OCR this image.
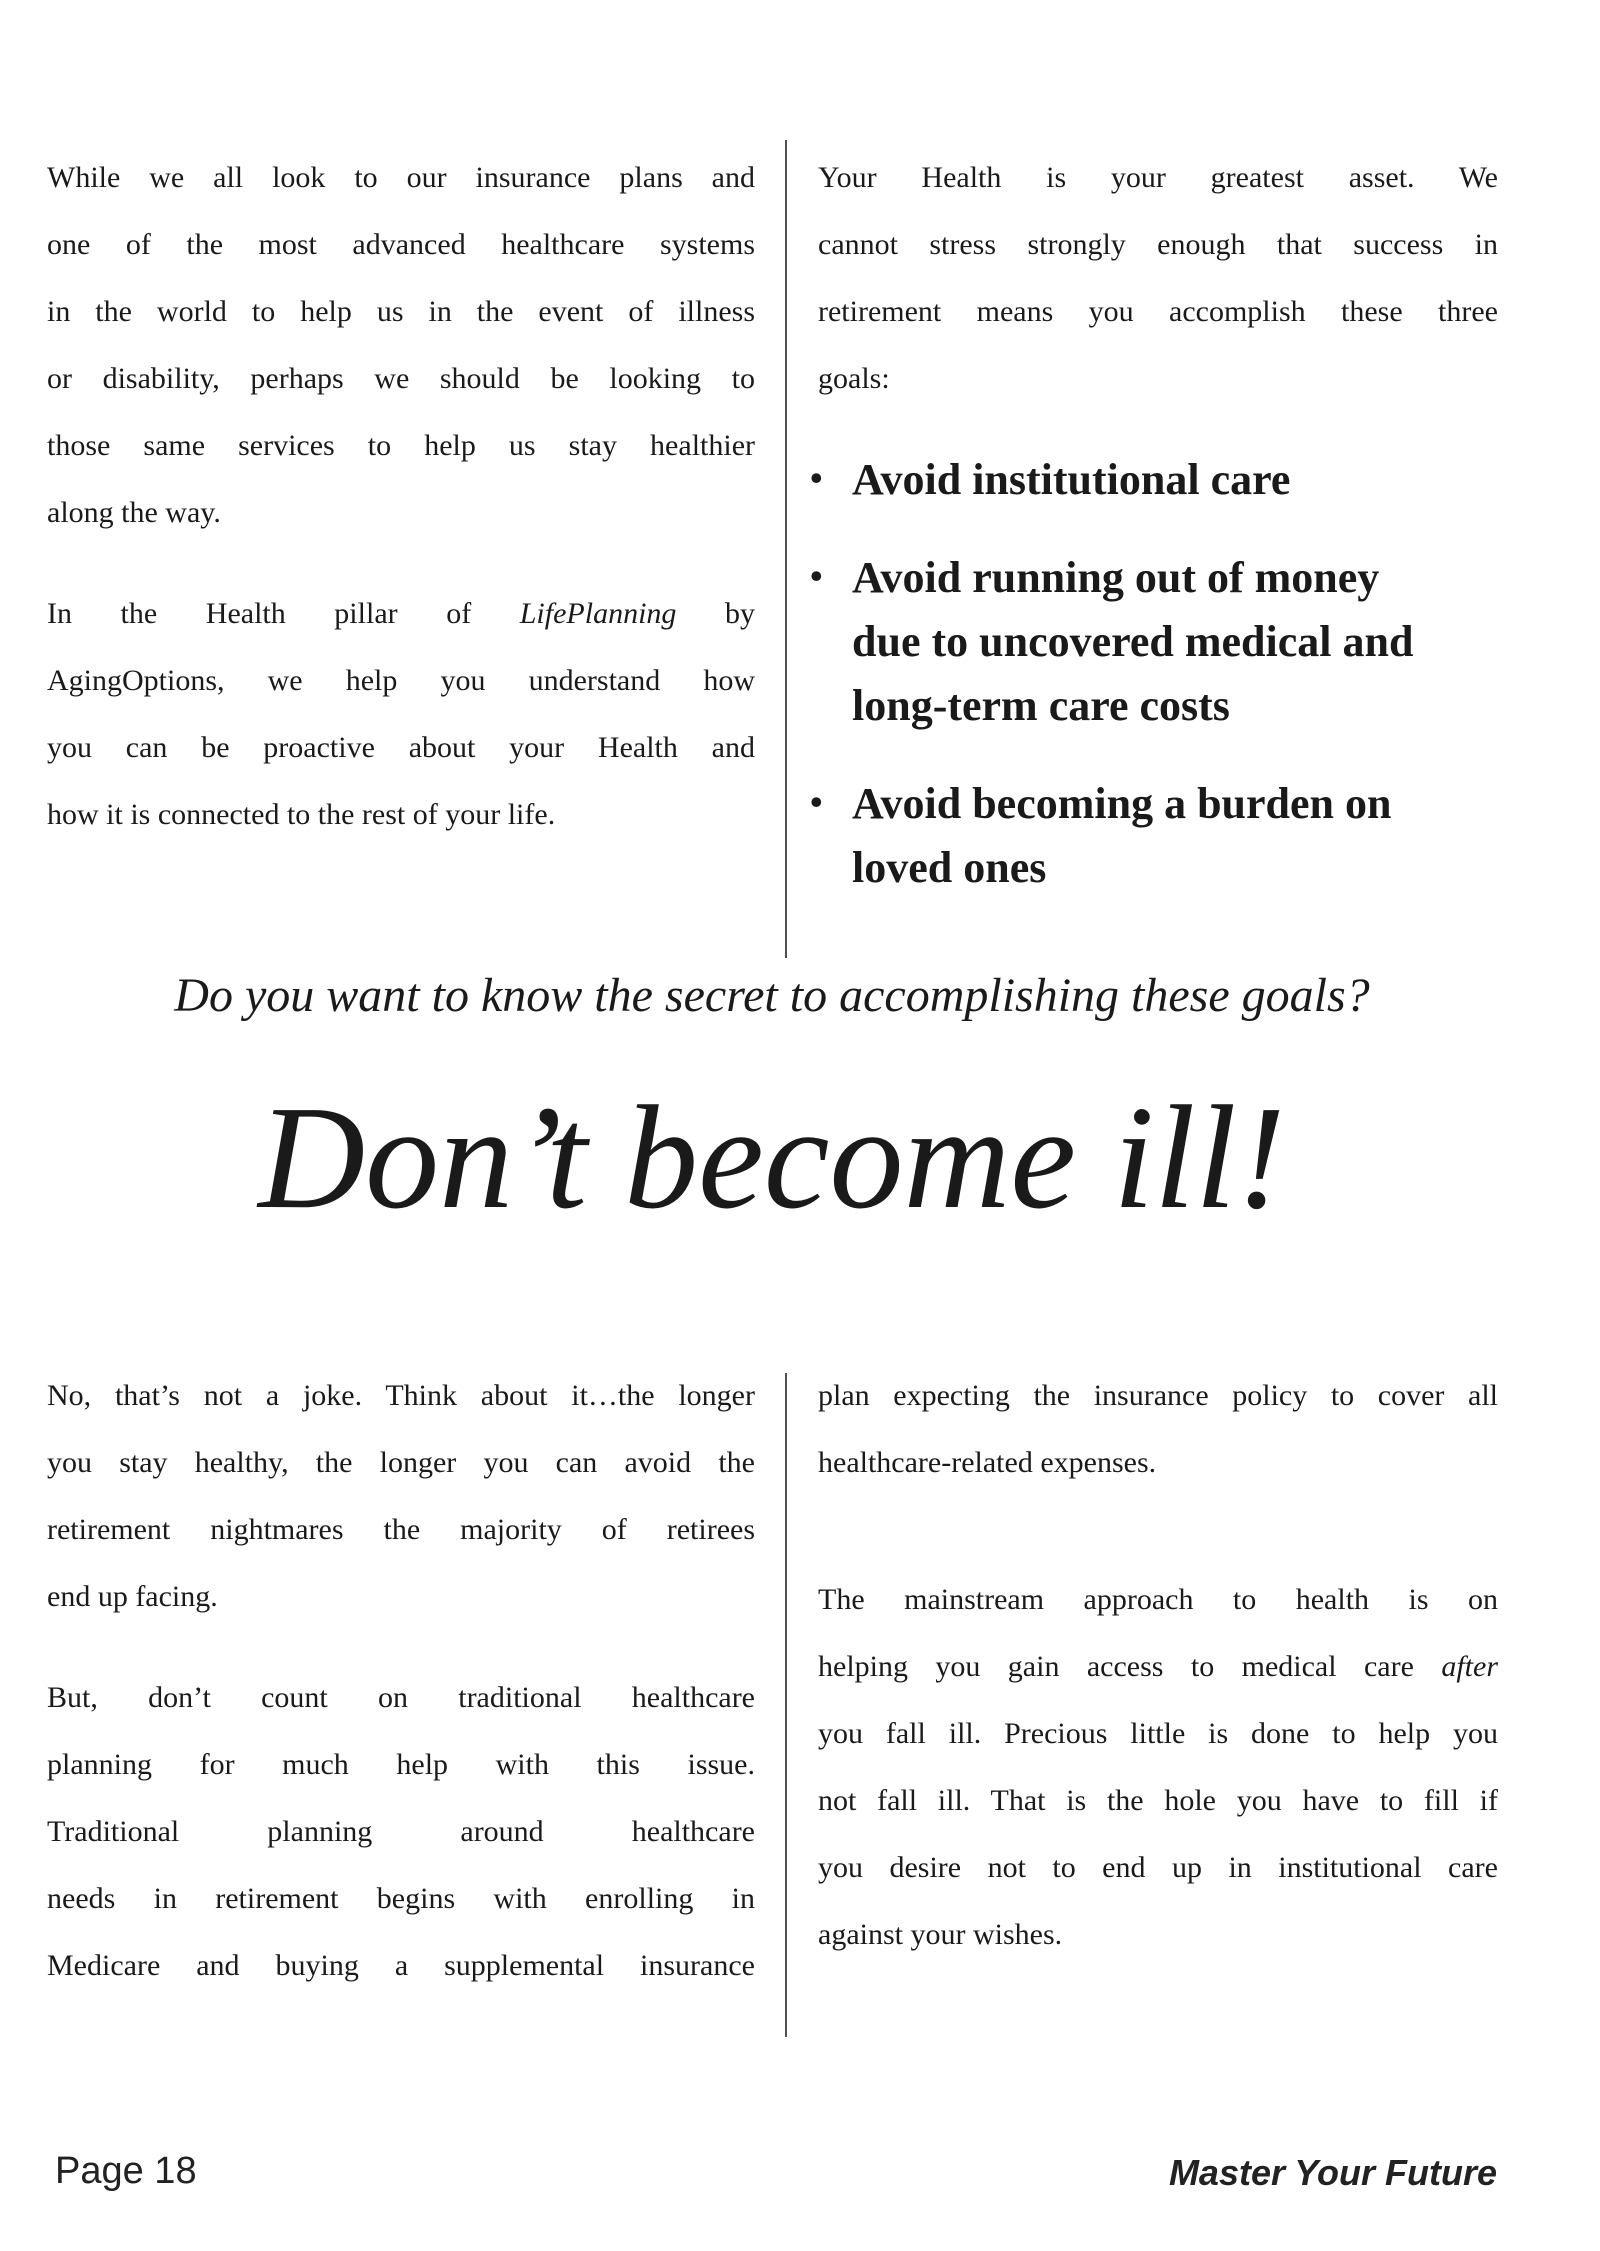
While we all look to our insurance plans and
one of the most advanced healthcare systems
in the world to help us in the event of illness
or disability, perhaps we should be looking to
those same services to help us stay healthier
along the way.

In the Health pillar of LifePlanning by
AgingOptions, we help you understand how
you can be proactive about your Health and
how it is connected to the rest of your life.

Your Health is your greatest asset. We
cannot stress strongly enough that success in
retirement means you accomplish these three
goals:

• Avoid institutional care
• Avoid running out of money
due to uncovered medical and
long-term care costs
• Avoid becoming a burden on
loved ones
Do you want to know the secret to accomplishing these goals?
Don’t become ill!

No, that’s not a joke. Think about it…the longer
you stay healthy, the longer you can avoid the
retirement nightmares the majority of retirees
end up facing.

But, don’t count on traditional healthcare
planning for much help with this issue.
Traditional planning around healthcare
needs in retirement begins with enrolling in
Medicare and buying a supplemental insurance

plan expecting the insurance policy to cover all
healthcare-related expenses.

The mainstream approach to health is on
helping you gain access to medical care after
you fall ill. Precious little is done to help you
not fall ill. That is the hole you have to fill if
you desire not to end up in institutional care
against your wishes.

Page 18	Master Your Future
